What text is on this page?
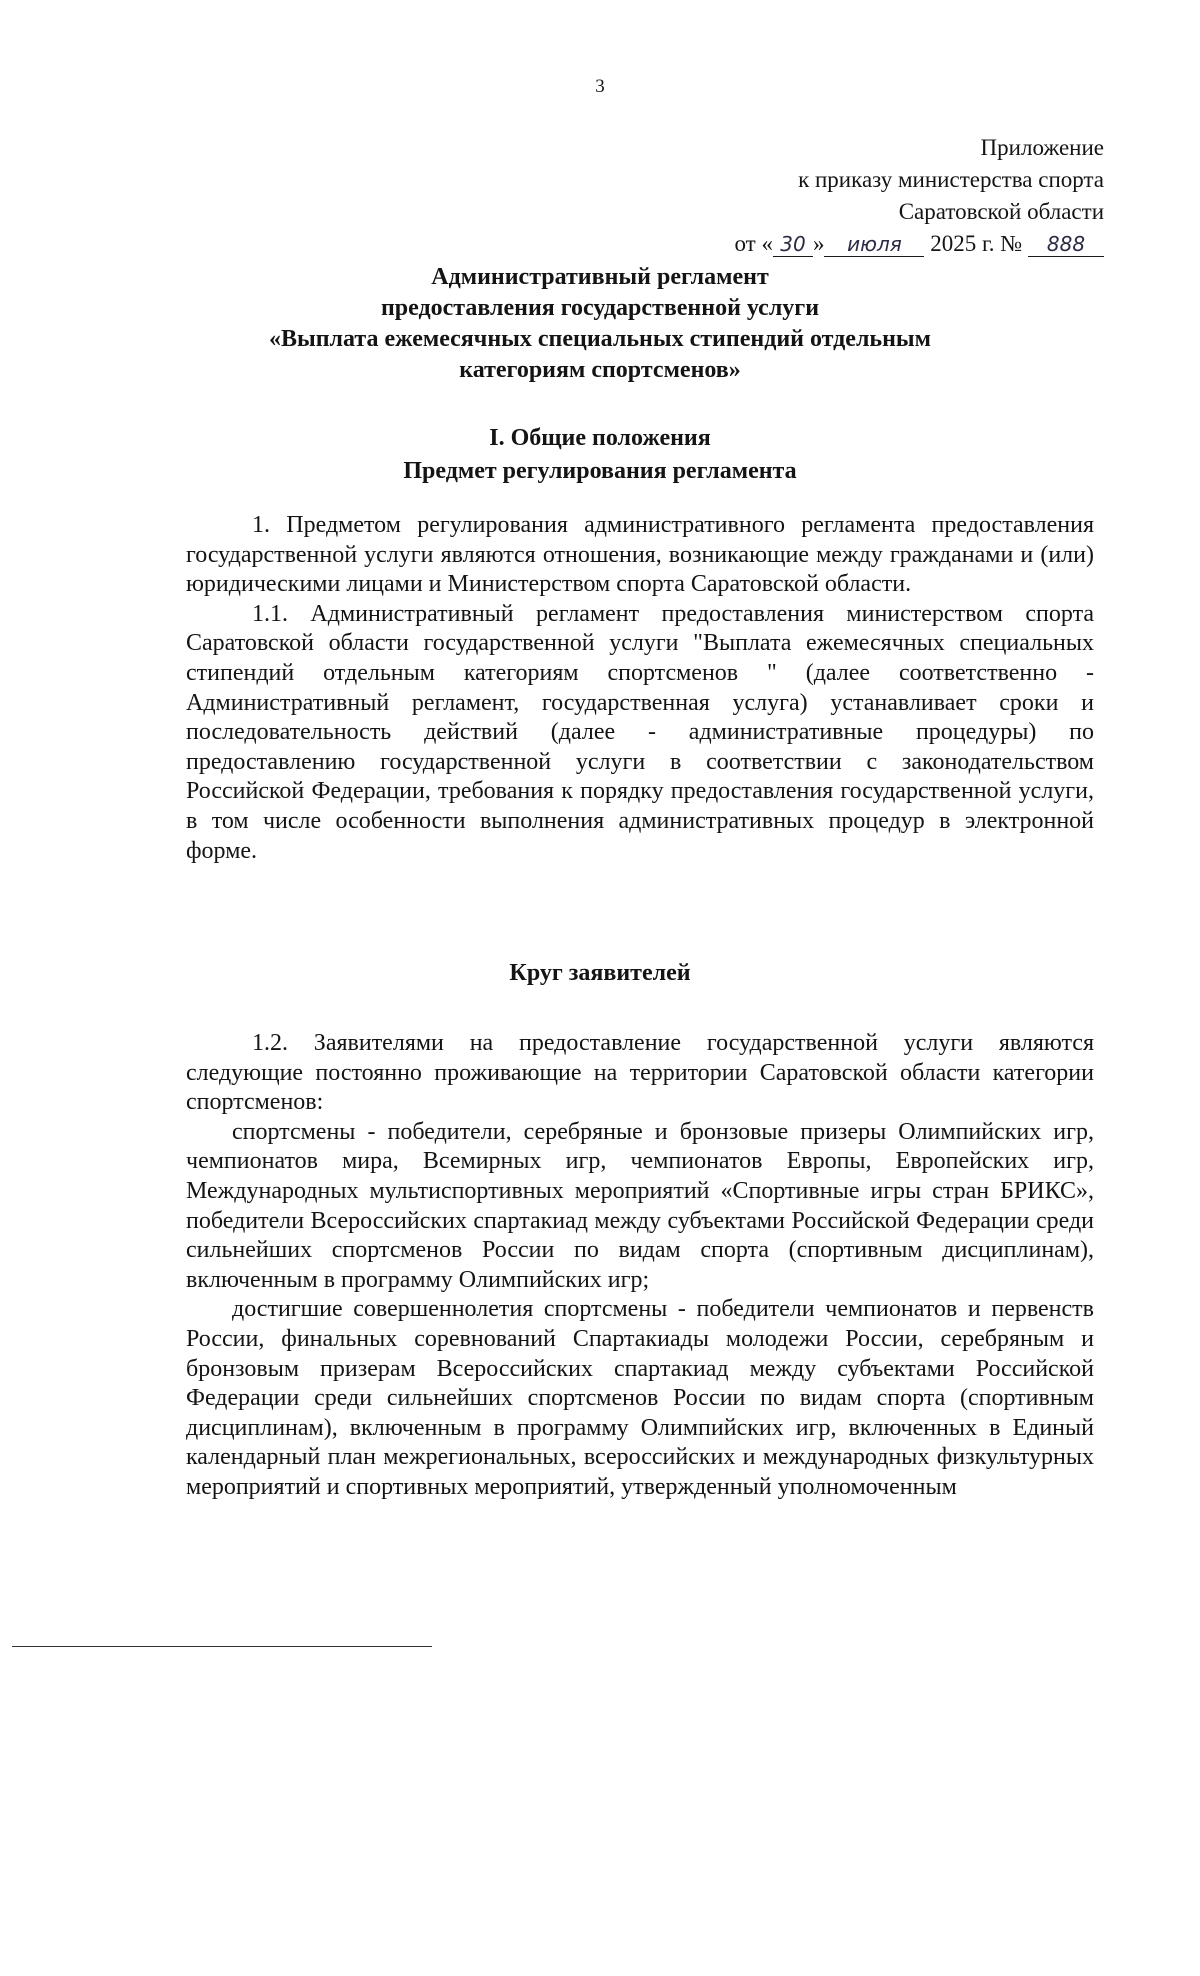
3
Приложение
к приказу министерства спорта
Саратовской области
от « 30 » июля 2025 г. № 888
Административный регламент
предоставления государственной услуги
«Выплата ежемесячных специальных стипендий отдельным
категориям спортсменов»
I. Общие положения
Предмет регулирования регламента

1. Предметом регулирования административного регламента предоставления государственной услуги являются отношения, возникающие между гражданами и (или) юридическими лицами и Министерством спорта Саратовской области.

1.1. Административный регламент предоставления министерством спорта Саратовской области государственной услуги "Выплата ежемесячных специальных стипендий отдельным категориям спортсменов " (далее соответственно - Административный регламент, государственная услуга) устанавливает сроки и последовательность действий (далее - административные процедуры) по предоставлению государственной услуги в соответствии с законодательством Российской Федерации, требования к порядку предоставления государственной услуги, в том числе особенности выполнения административных процедур в электронной форме.

Круг заявителей

1.2. Заявителями на предоставление государственной услуги являются следующие постоянно проживающие на территории Саратовской области категории спортсменов:

спортсмены - победители, серебряные и бронзовые призеры Олимпийских игр, чемпионатов мира, Всемирных игр, чемпионатов Европы, Европейских игр, Международных мультиспортивных мероприятий «Спортивные игры стран БРИКС», победители Всероссийских спартакиад между субъектами Российской Федерации среди сильнейших спортсменов России по видам спорта (спортивным дисциплинам), включенным в программу Олимпийских игр;

достигшие совершеннолетия спортсмены - победители чемпионатов и первенств России, финальных соревнований Спартакиады молодежи России, серебряным и бронзовым призерам Всероссийских спартакиад между субъектами Российской Федерации среди сильнейших спортсменов России по видам спорта (спортивным дисциплинам), включенным в программу Олимпийских игр, включенных в Единый календарный план межрегиональных, всероссийских и международных физкультурных мероприятий и спортивных мероприятий, утвержденный уполномоченным
